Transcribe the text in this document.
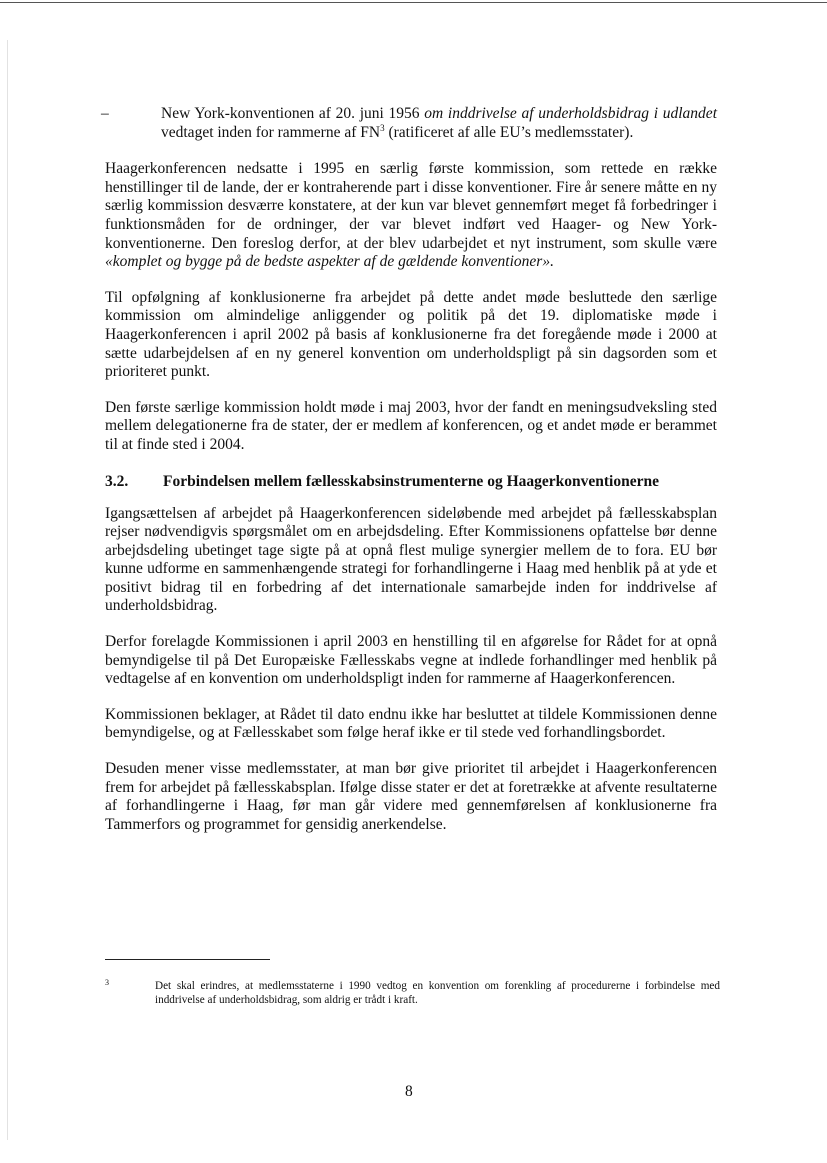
–	New York-konventionen af 20. juni 1956 om inddrivelse af underholdsbidrag i udlandet vedtaget inden for rammerne af $FN^3$ (ratificeret af alle EU’s medlemsstater).

Haagerkonferencen nedsatte i 1995 en særlig første kommission, som rettede en række henstillinger til de lande, der er kontraherende part i disse konventioner. Fire år senere måtte en ny særlig kommission desværre konstatere, at der kun var blevet gennemført meget få forbedringer i funktionsmåden for de ordninger, der var blevet indført ved Haager- og New York-konventionerne. Den foreslog derfor, at der blev udarbejdet et nyt instrument, som skulle være «komplet og bygge på de bedste aspekter af de gældende konventioner».

Til opfølgning af konklusionerne fra arbejdet på dette andet møde besluttede den særlige kommission om almindelige anliggender og politik på det 19. diplomatiske møde i Haagerkonferencen i april 2002 på basis af konklusionerne fra det foregående møde i 2000 at sætte udarbejdelsen af en ny generel konvention om underholdspligt på sin dagsorden som et prioriteret punkt.

Den første særlige kommission holdt møde i maj 2003, hvor der fandt en meningsudveksling sted mellem delegationerne fra de stater, der er medlem af konferencen, og et andet møde er berammet til at finde sted i 2004.

3.2.	Forbindelsen mellem fællesskabsinstrumenterne og Haagerkonventionerne

Igangsættelsen af arbejdet på Haagerkonferencen sideløbende med arbejdet på fællesskabsplan rejser nødvendigvis spørgsmålet om en arbejdsdeling. Efter Kommissionens opfattelse bør denne arbejdsdeling ubetinget tage sigte på at opnå flest mulige synergier mellem de to fora. EU bør kunne udforme en sammenhængende strategi for forhandlingerne i Haag med henblik på at yde et positivt bidrag til en forbedring af det internationale samarbejde inden for inddrivelse af underholdsbidrag.

Derfor forelagde Kommissionen i april 2003 en henstilling til en afgørelse for Rådet for at opnå bemyndigelse til på Det Europæiske Fællesskabs vegne at indlede forhandlinger med henblik på vedtagelse af en konvention om underholdspligt inden for rammerne af Haagerkonferencen.

Kommissionen beklager, at Rådet til dato endnu ikke har besluttet at tildele Kommissionen denne bemyndigelse, og at Fællesskabet som følge heraf ikke er til stede ved forhandlingsbordet.

Desuden mener visse medlemsstater, at man bør give prioritet til arbejdet i Haagerkonferencen frem for arbejdet på fællesskabsplan. Ifølge disse stater er det at foretrække at afvente resultaterne af forhandlingerne i Haag, før man går videre med gennemførelsen af konklusionerne fra Tammerfors og programmet for gensidig anerkendelse.

3	Det skal erindres, at medlemsstaterne i 1990 vedtog en konvention om forenkling af procedurerne i forbindelse med inddrivelse af underholdsbidrag, som aldrig er trådt i kraft.
8
